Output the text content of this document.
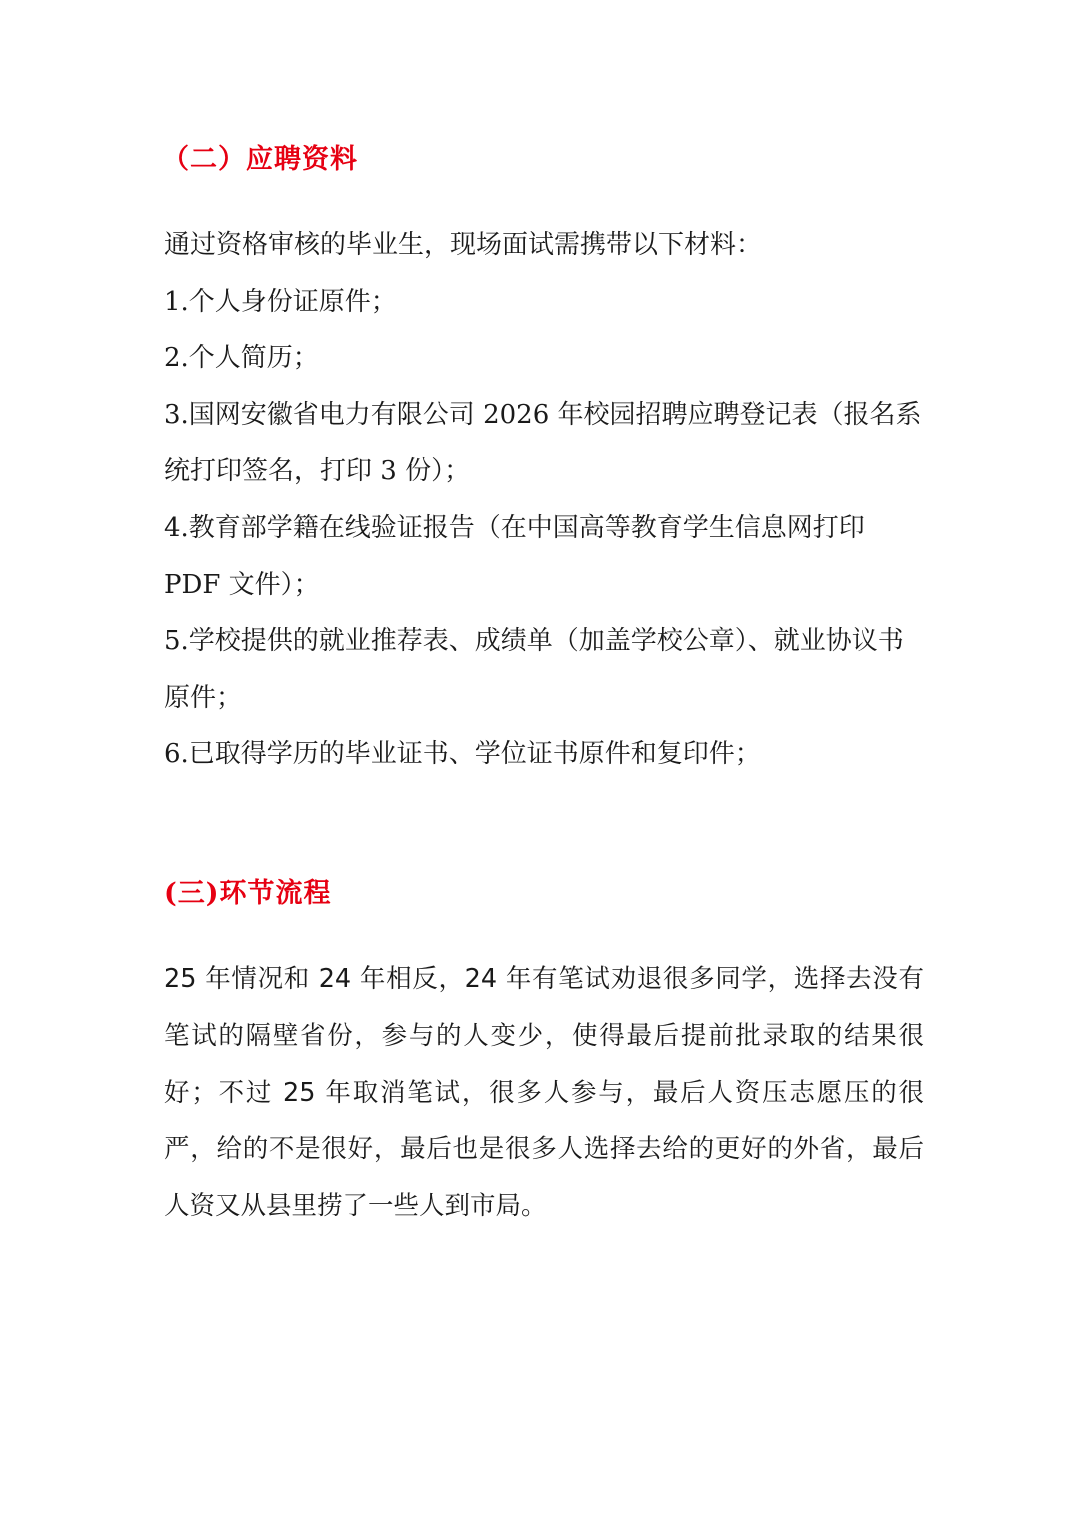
（二）应聘资料

通过资格审核的毕业生，现场面试需携带以下材料：

1.个人身份证原件；

2.个人简历；

3.国网安徽省电力有限公司 2026 年校园招聘应聘登记表（报名系统打印签名，打印 3 份）；

4.教育部学籍在线验证报告（在中国高等教育学生信息网打印 PDF 文件）；

5.学校提供的就业推荐表、成绩单（加盖学校公章）、就业协议书原件；

6.已取得学历的毕业证书、学位证书原件和复印件；

(三)环节流程

25 年情况和 24 年相反，24 年有笔试劝退很多同学，选择去没有笔试的隔壁省份，参与的人变少，使得最后提前批录取的结果很好；不过 25 年取消笔试，很多人参与，最后人资压志愿压的很严，给的不是很好，最后也是很多人选择去给的更好的外省，最后人资又从县里捞了一些人到市局。
